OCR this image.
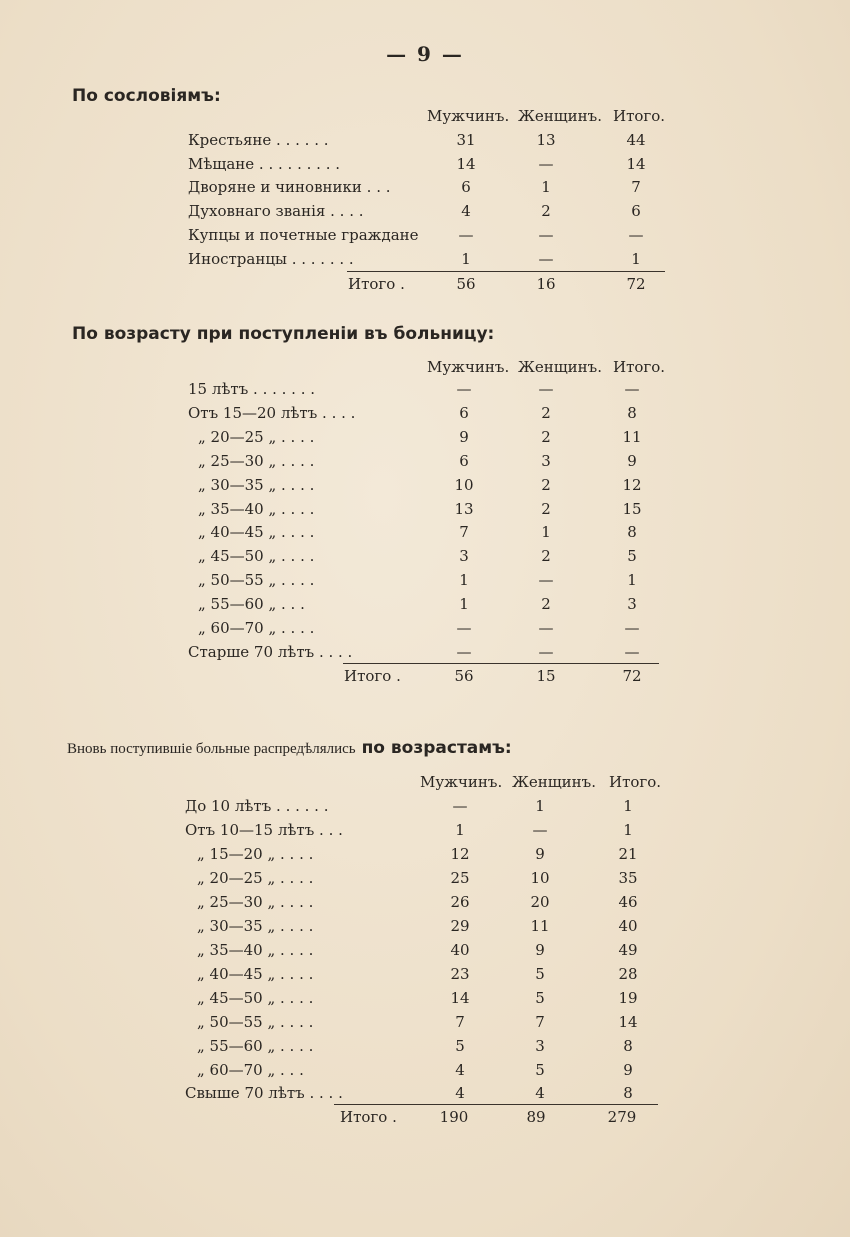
— 9 —
По сословіямъ:
Мужчинъ. Женщинъ. Итого.
Крестьяне . . . . . .	31	13	44
Мѣщане . . . . . . . . .	14	—	14
Дворяне и чиновники . . .	6	1	7
Духовнаго званія . . . .	4	2	6
Купцы и почетные граждане	—	—	—
Иностранцы . . . . . . .	1	—	1
Итого .	56	16	72
По возрасту при поступленіи въ больницу:
Мужчинъ. Женщинъ. Итого.
15 лѣтъ . . . . . . .	—	—	—
Отъ 15—20 лѣтъ . . . .	6	2	8
„ 20—25 „ . . . .	9	2	11
„ 25—30 „ . . . .	6	3	9
„ 30—35 „ . . . .	10	2	12
„ 35—40 „ . . . .	13	2	15
„ 40—45 „ . . . .	7	1	8
„ 45—50 „ . . . .	3	2	5
„ 50—55 „ . . . .	1	—	1
„ 55—60 „ . . .	1	2	3
„ 60—70 „ . . . .	—	—	—
Старше 70 лѣтъ . . . .	—	—	—
Итого .	56	15	72
Вновь поступившіе больные распредѣлялись по возрастамъ:
Мужчинъ. Женщинъ. Итого.
До 10 лѣтъ . . . . . .	—	1	1
Отъ 10—15 лѣтъ . . .	1	—	1
„ 15—20 „ . . . .	12	9	21
„ 20—25 „ . . . .	25	10	35
„ 25—30 „ . . . .	26	20	46
„ 30—35 „ . . . .	29	11	40
„ 35—40 „ . . . .	40	9	49
„ 40—45 „ . . . .	23	5	28
„ 45—50 „ . . . .	14	5	19
„ 50—55 „ . . . .	7	7	14
„ 55—60 „ . . . .	5	3	8
„ 60—70 „ . . .	4	5	9
Свыше 70 лѣтъ . . . .	4	4	8
Итого .	190	89	279
